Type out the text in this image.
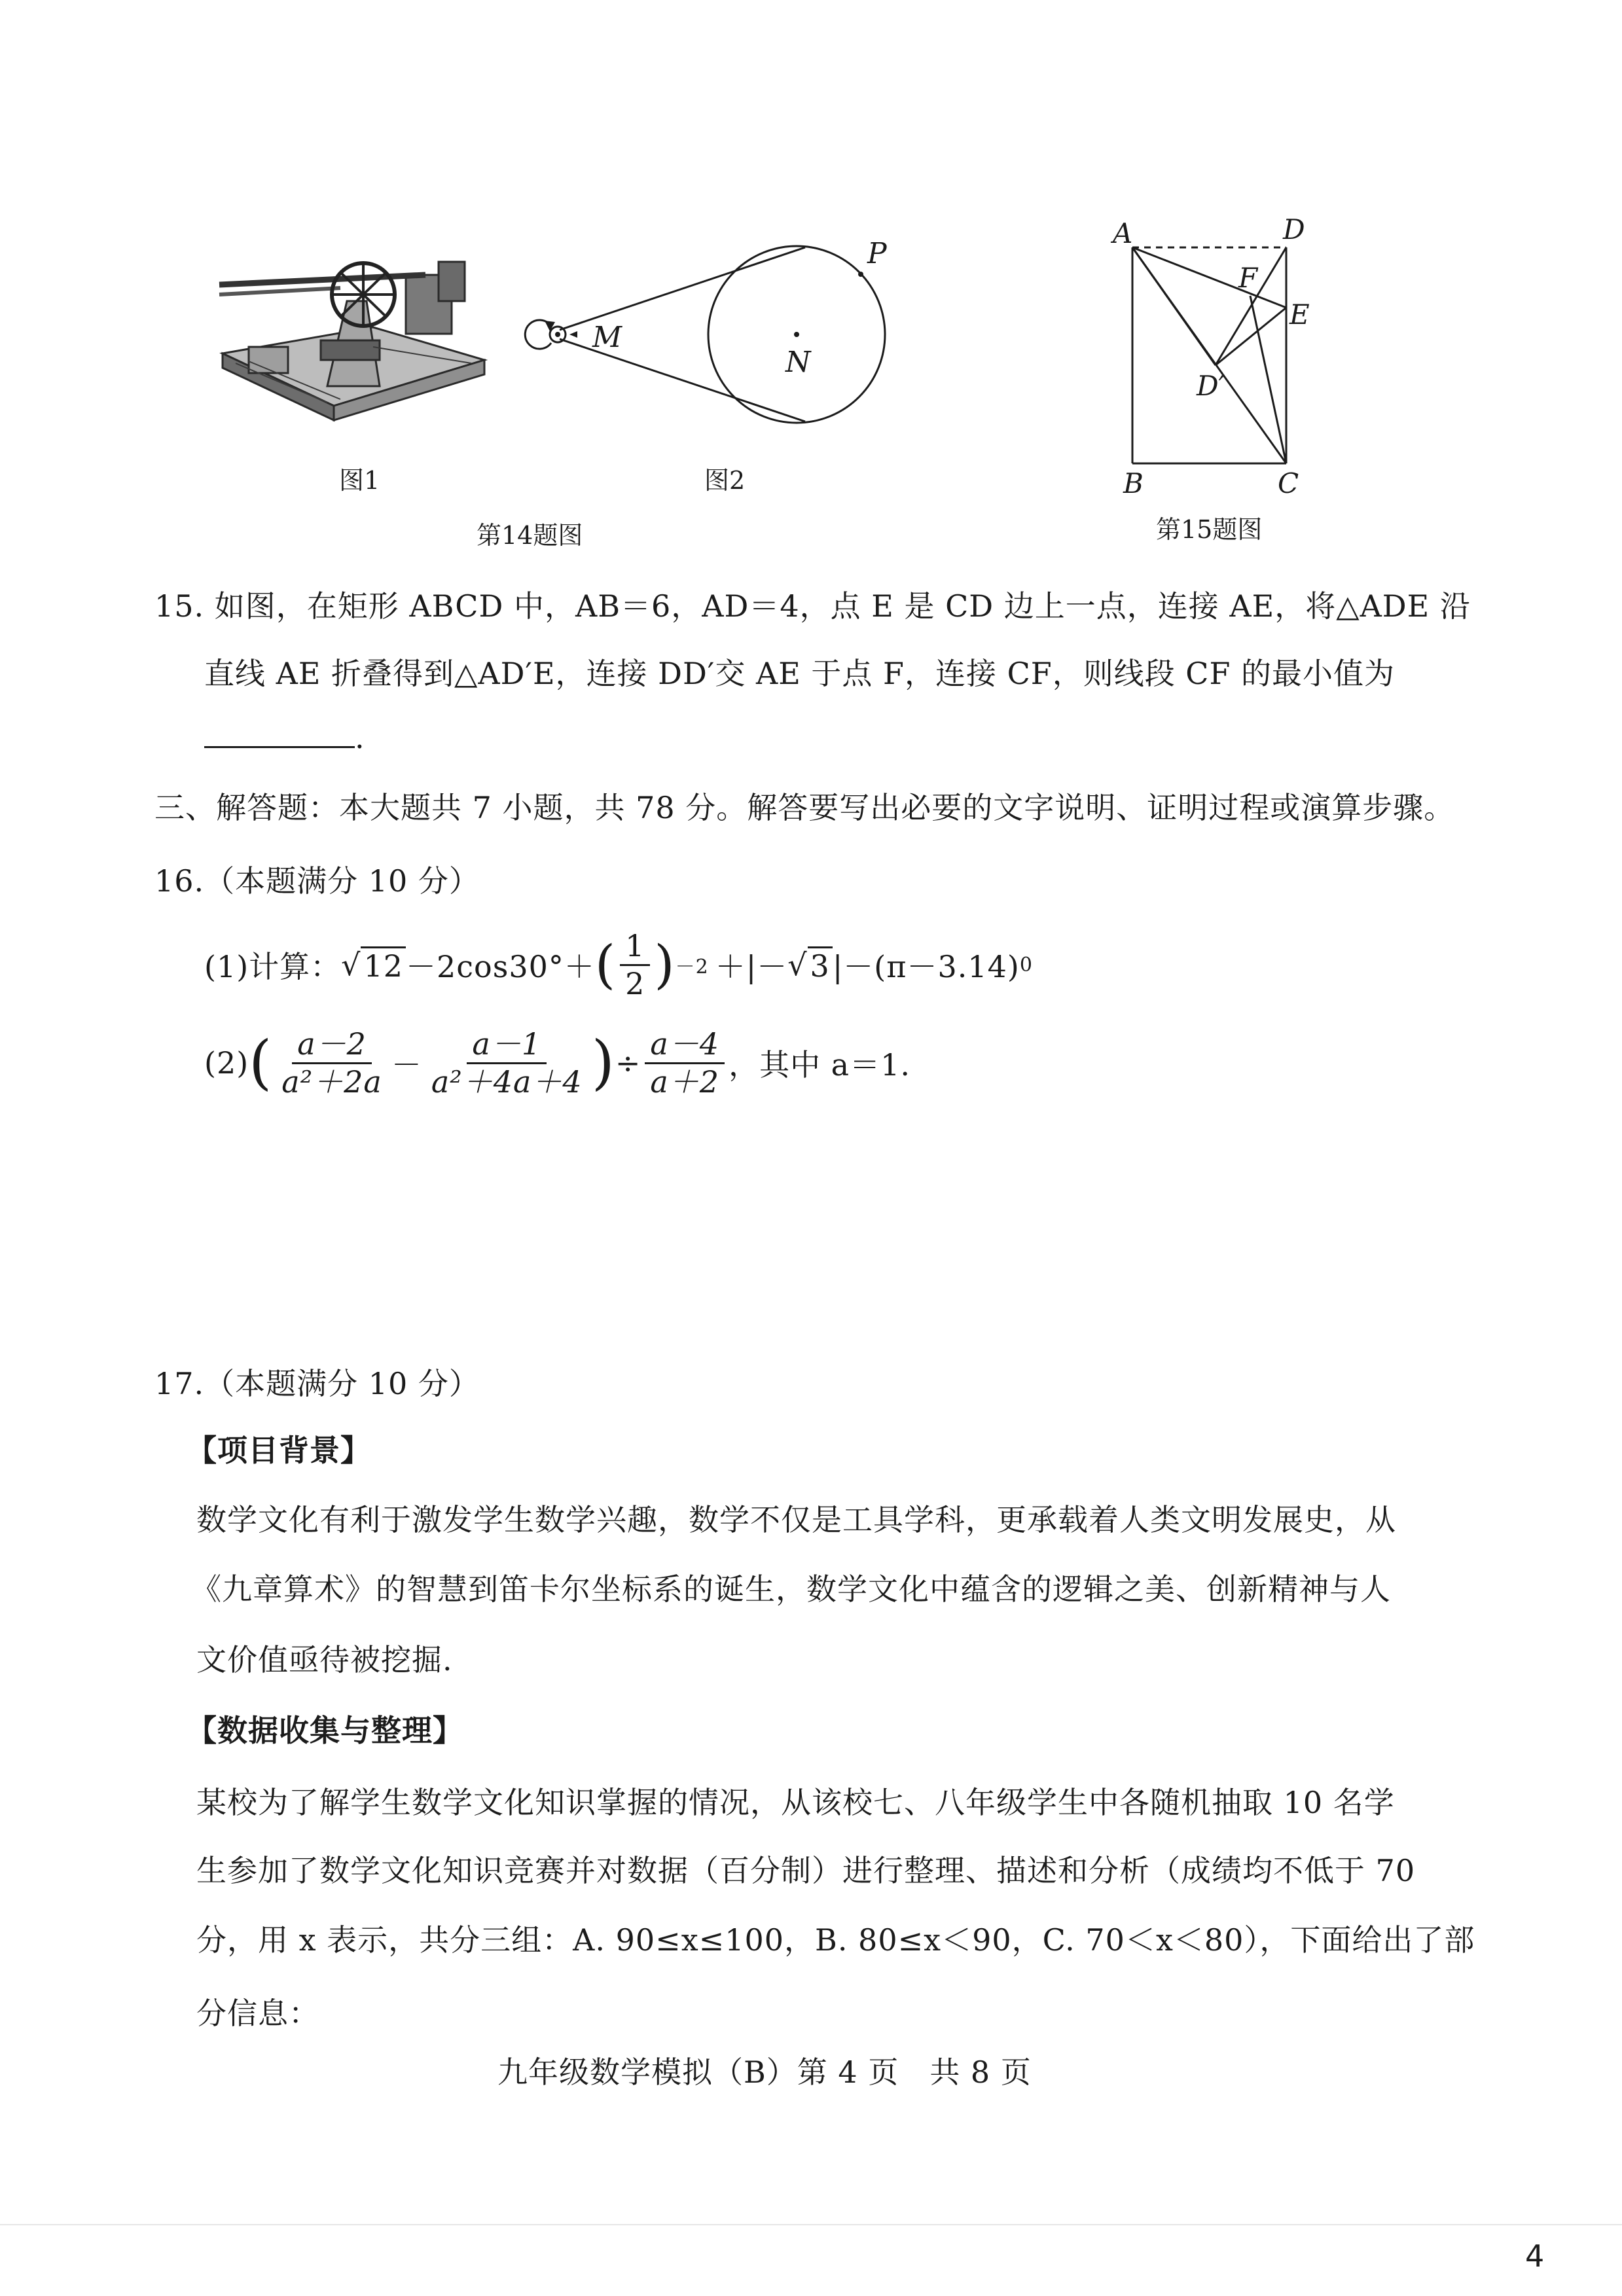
图1
M
N
P
图2
第14题图
A	D
F
E
D′
B	C
第15题图
15. 如图，在矩形 ABCD 中，AB＝6，AD＝4，点 E 是 CD 边上一点，连接 AE，将△ADE 沿
直线 AE 折叠得到△AD′E，连接 DD′交 AE 于点 F，连接 CF，则线段 CF 的最小值为
.
三、解答题：本大题共 7 小题，共 78 分。解答要写出必要的文字说明、证明过程或演算步骤。
16.（本题满分 10 分）
(1)计算： √ 12 －2cos30°＋ ( $\frac{1}{2}$ ) －2 ＋|－ √ 3 |－(π－3.14) 0
(2) ( $\frac{a-2}{\text{a²＋2a}} - \frac{a-1}{\text{a²＋4a＋4}}$ ) ÷ $\frac{a-4}{a+2}$ ，其中 a＝1.
17.（本题满分 10 分）
【项目背景】
数学文化有利于激发学生数学兴趣，数学不仅是工具学科，更承载着人类文明发展史，从
《九章算术》的智慧到笛卡尔坐标系的诞生，数学文化中蕴含的逻辑之美、创新精神与人
文价值亟待被挖掘.
【数据收集与整理】
某校为了解学生数学文化知识掌握的情况，从该校七、八年级学生中各随机抽取 10 名学
生参加了数学文化知识竞赛并对数据（百分制）进行整理、描述和分析（成绩均不低于 70
分，用 x 表示，共分三组：A. 90≤x≤100，B. 80≤x＜90，C. 70＜x＜80），下面给出了部
分信息：
九年级数学模拟（B）第 4 页　共 8 页
4
